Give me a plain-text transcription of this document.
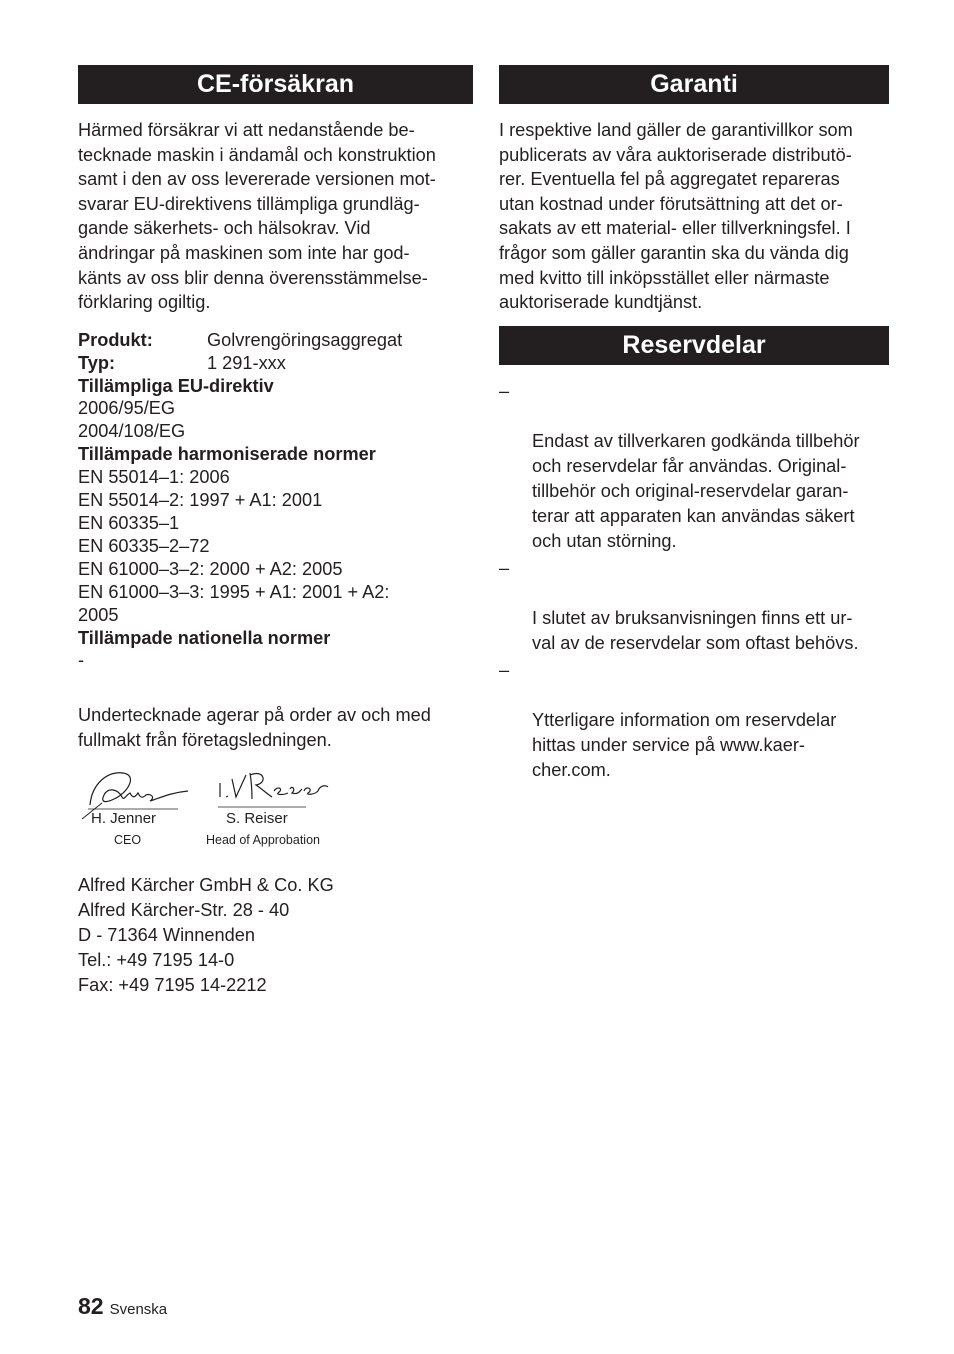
CE-försäkran

Härmed försäkrar vi att nedanstående be-
tecknade maskin i ändamål och konstruktion
samt i den av oss levererade versionen mot-
svarar EU-direktivens tillämpliga grundläg-
gande säkerhets- och hälsokrav. Vid
ändringar på maskinen som inte har god-
känts av oss blir denna överensstämmelse-
förklaring ogiltig.

Produkt:	Golvrengöringsaggregat
Typ:	1 291-xxx
Tillämpliga EU-direktiv
2006/95/EG
2004/108/EG
Tillämpade harmoniserade normer
EN 55014–1: 2006
EN 55014–2: 1997 + A1: 2001
EN 60335–1
EN 60335–2–72
EN 61000–3–2: 2000 + A2: 2005
EN 61000–3–3: 1995 + A1: 2001 + A2:
2005
Tillämpade nationella normer
-

Undertecknade agerar på order av och med
fullmakt från företagsledningen.

H. Jenner	S. Reiser
CEO	Head of Approbation
Alfred Kärcher GmbH & Co. KG
Alfred Kärcher-Str. 28 - 40
D - 71364 Winnenden
Tel.: +49 7195 14-0
Fax: +49 7195 14-2212
Garanti

I respektive land gäller de garantivillkor som
publicerats av våra auktoriserade distributö-
rer. Eventuella fel på aggregatet repareras
utan kostnad under förutsättning att det or-
sakats av ett material- eller tillverkningsfel. I
frågor som gäller garantin ska du vända dig
med kvitto till inköpsstället eller närmaste
auktoriserade kundtjänst.

Reservdelar

–

Endast av tillverkaren godkända tillbehör
och reservdelar får användas. Original-
tillbehör och original-reservdelar garan-
terar att apparaten kan användas säkert
och utan störning.

–

I slutet av bruksanvisningen finns ett ur-
val av de reservdelar som oftast behövs.

–

Ytterligare information om reservdelar
hittas under service på www.kaer-
cher.com.

82 Svenska
